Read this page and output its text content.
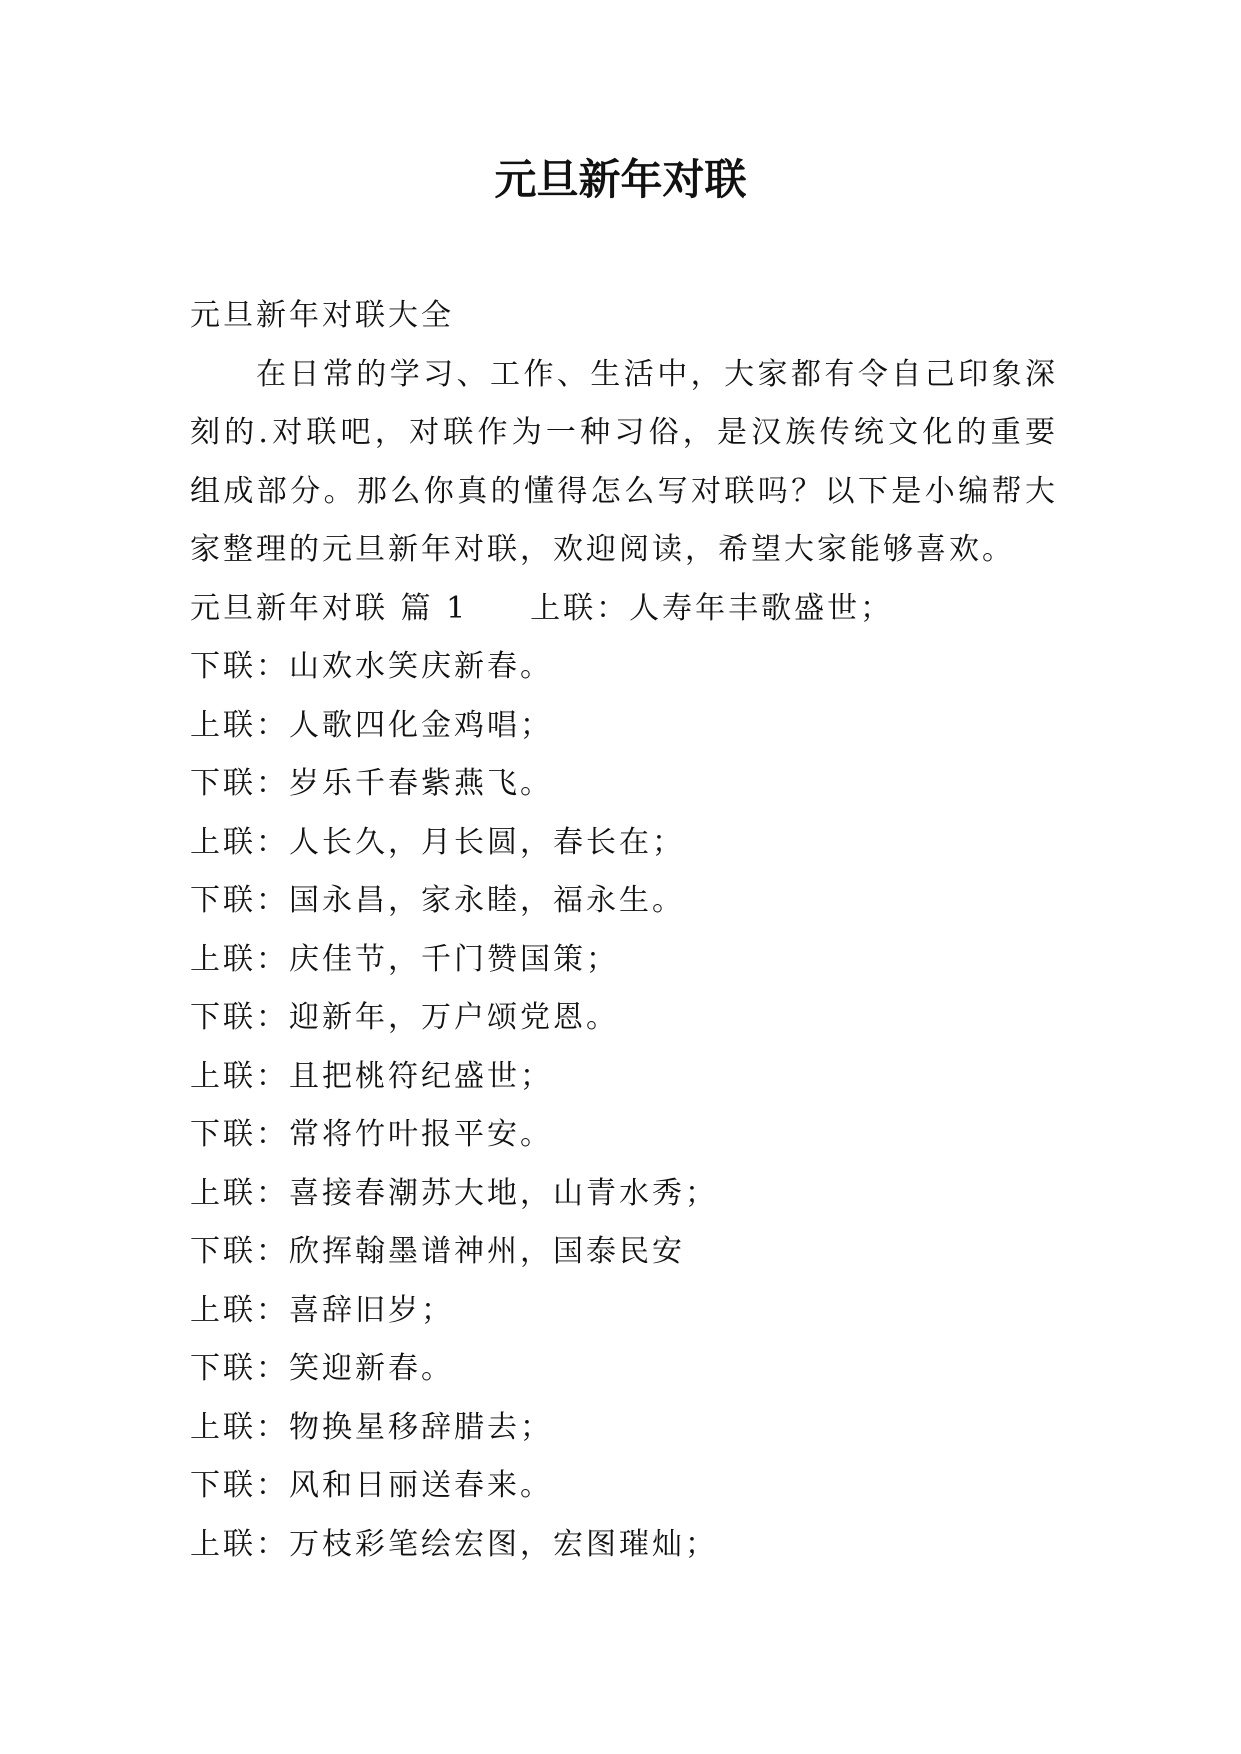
元旦新年对联

元旦新年对联大全

在日常的学习、工作、生活中，大家都有令自己印象深刻的.对联吧，对联作为一种习俗，是汉族传统文化的重要组成部分。那么你真的懂得怎么写对联吗？以下是小编帮大家整理的元旦新年对联，欢迎阅读，希望大家能够喜欢。

元旦新年对联 篇 1 上联：人寿年丰歌盛世；

下联：山欢水笑庆新春。

上联：人歌四化金鸡唱；

下联：岁乐千春紫燕飞。

上联：人长久，月长圆，春长在；

下联：国永昌，家永睦，福永生。

上联：庆佳节，千门赞国策；

下联：迎新年，万户颂党恩。

上联：且把桃符纪盛世；

下联：常将竹叶报平安。

上联：喜接春潮苏大地，山青水秀；

下联：欣挥翰墨谱神州，国泰民安

上联：喜辞旧岁；

下联：笑迎新春。

上联：物换星移辞腊去；

下联：风和日丽送春来。

上联：万枝彩笔绘宏图，宏图璀灿；
